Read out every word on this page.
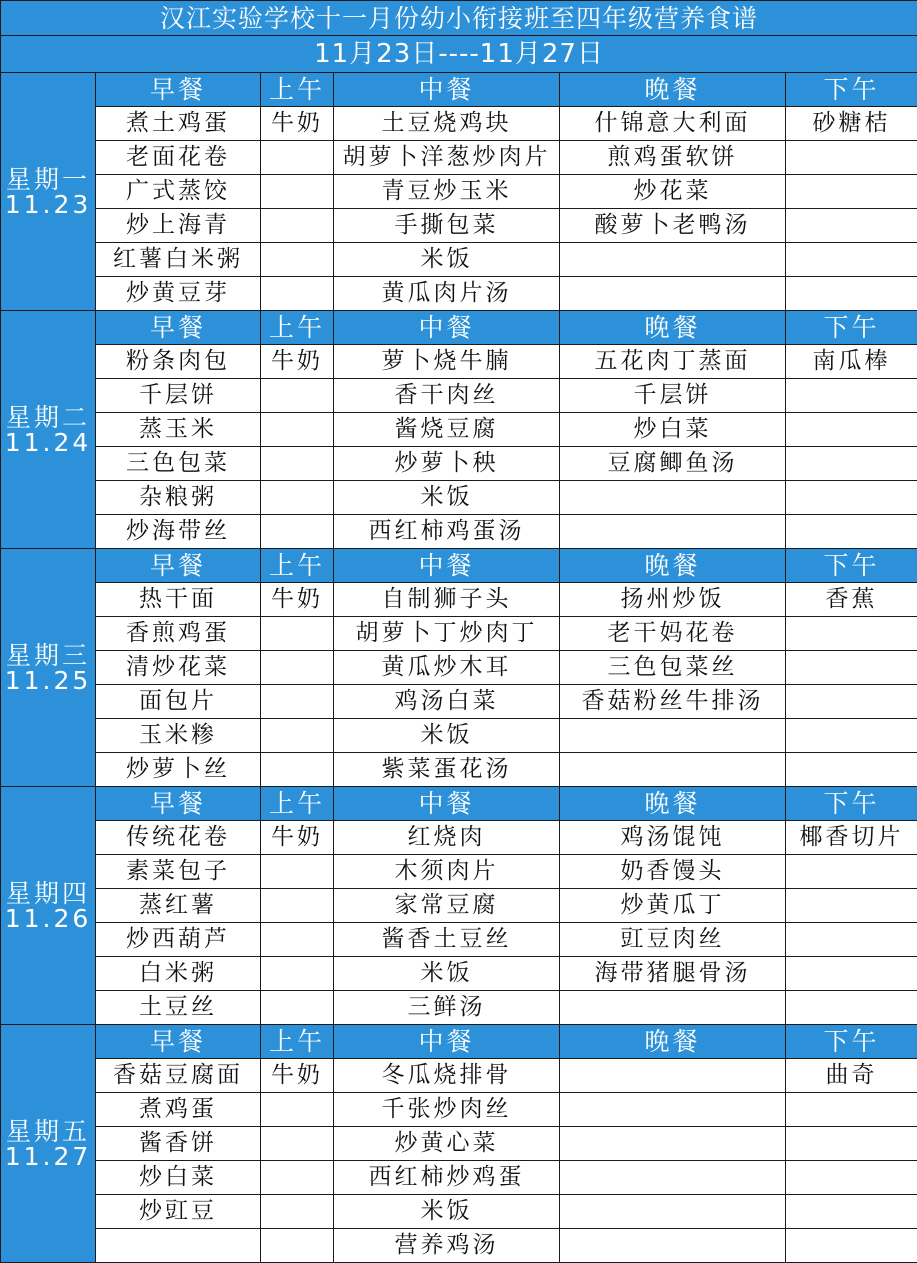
汉江实验学校十一月份幼小衔接班至四年级营养食谱					
11月23日----11月27日					

星期一
11.23	早餐	上午	中餐	晚餐	下午
	煮土鸡蛋	牛奶	土豆烧鸡块	什锦意大利面	砂糖桔
	老面花卷		胡萝卜洋葱炒肉片	煎鸡蛋软饼	
	广式蒸饺		青豆炒玉米	炒花菜	
	炒上海青		手撕包菜	酸萝卜老鸭汤	
	红薯白米粥		米饭		
	炒黄豆芽		黄瓜肉片汤		

星期二
11.24	早餐	上午	中餐	晚餐	下午
	粉条肉包	牛奶	萝卜烧牛腩	五花肉丁蒸面	南瓜棒
	千层饼		香干肉丝	千层饼	
	蒸玉米		酱烧豆腐	炒白菜	
	三色包菜		炒萝卜秧	豆腐鲫鱼汤	
	杂粮粥		米饭		
	炒海带丝		西红柿鸡蛋汤		

星期三
11.25	早餐	上午	中餐	晚餐	下午
	热干面	牛奶	自制狮子头	扬州炒饭	香蕉
	香煎鸡蛋		胡萝卜丁炒肉丁	老干妈花卷	
	清炒花菜		黄瓜炒木耳	三色包菜丝	
	面包片		鸡汤白菜	香菇粉丝牛排汤	
	玉米糁		米饭		
	炒萝卜丝		紫菜蛋花汤		

星期四
11.26	早餐	上午	中餐	晚餐	下午
	传统花卷	牛奶	红烧肉	鸡汤馄饨	椰香切片
	素菜包子		木须肉片	奶香馒头	
	蒸红薯		家常豆腐	炒黄瓜丁	
	炒西葫芦		酱香土豆丝	豇豆肉丝	
	白米粥		米饭	海带猪腿骨汤	
	土豆丝		三鲜汤		

星期五
11.27	早餐	上午	中餐	晚餐	下午
	香菇豆腐面	牛奶	冬瓜烧排骨		曲奇
	煮鸡蛋		千张炒肉丝		
	酱香饼		炒黄心菜		
	炒白菜		西红柿炒鸡蛋		
	炒豇豆		米饭		
			营养鸡汤		
